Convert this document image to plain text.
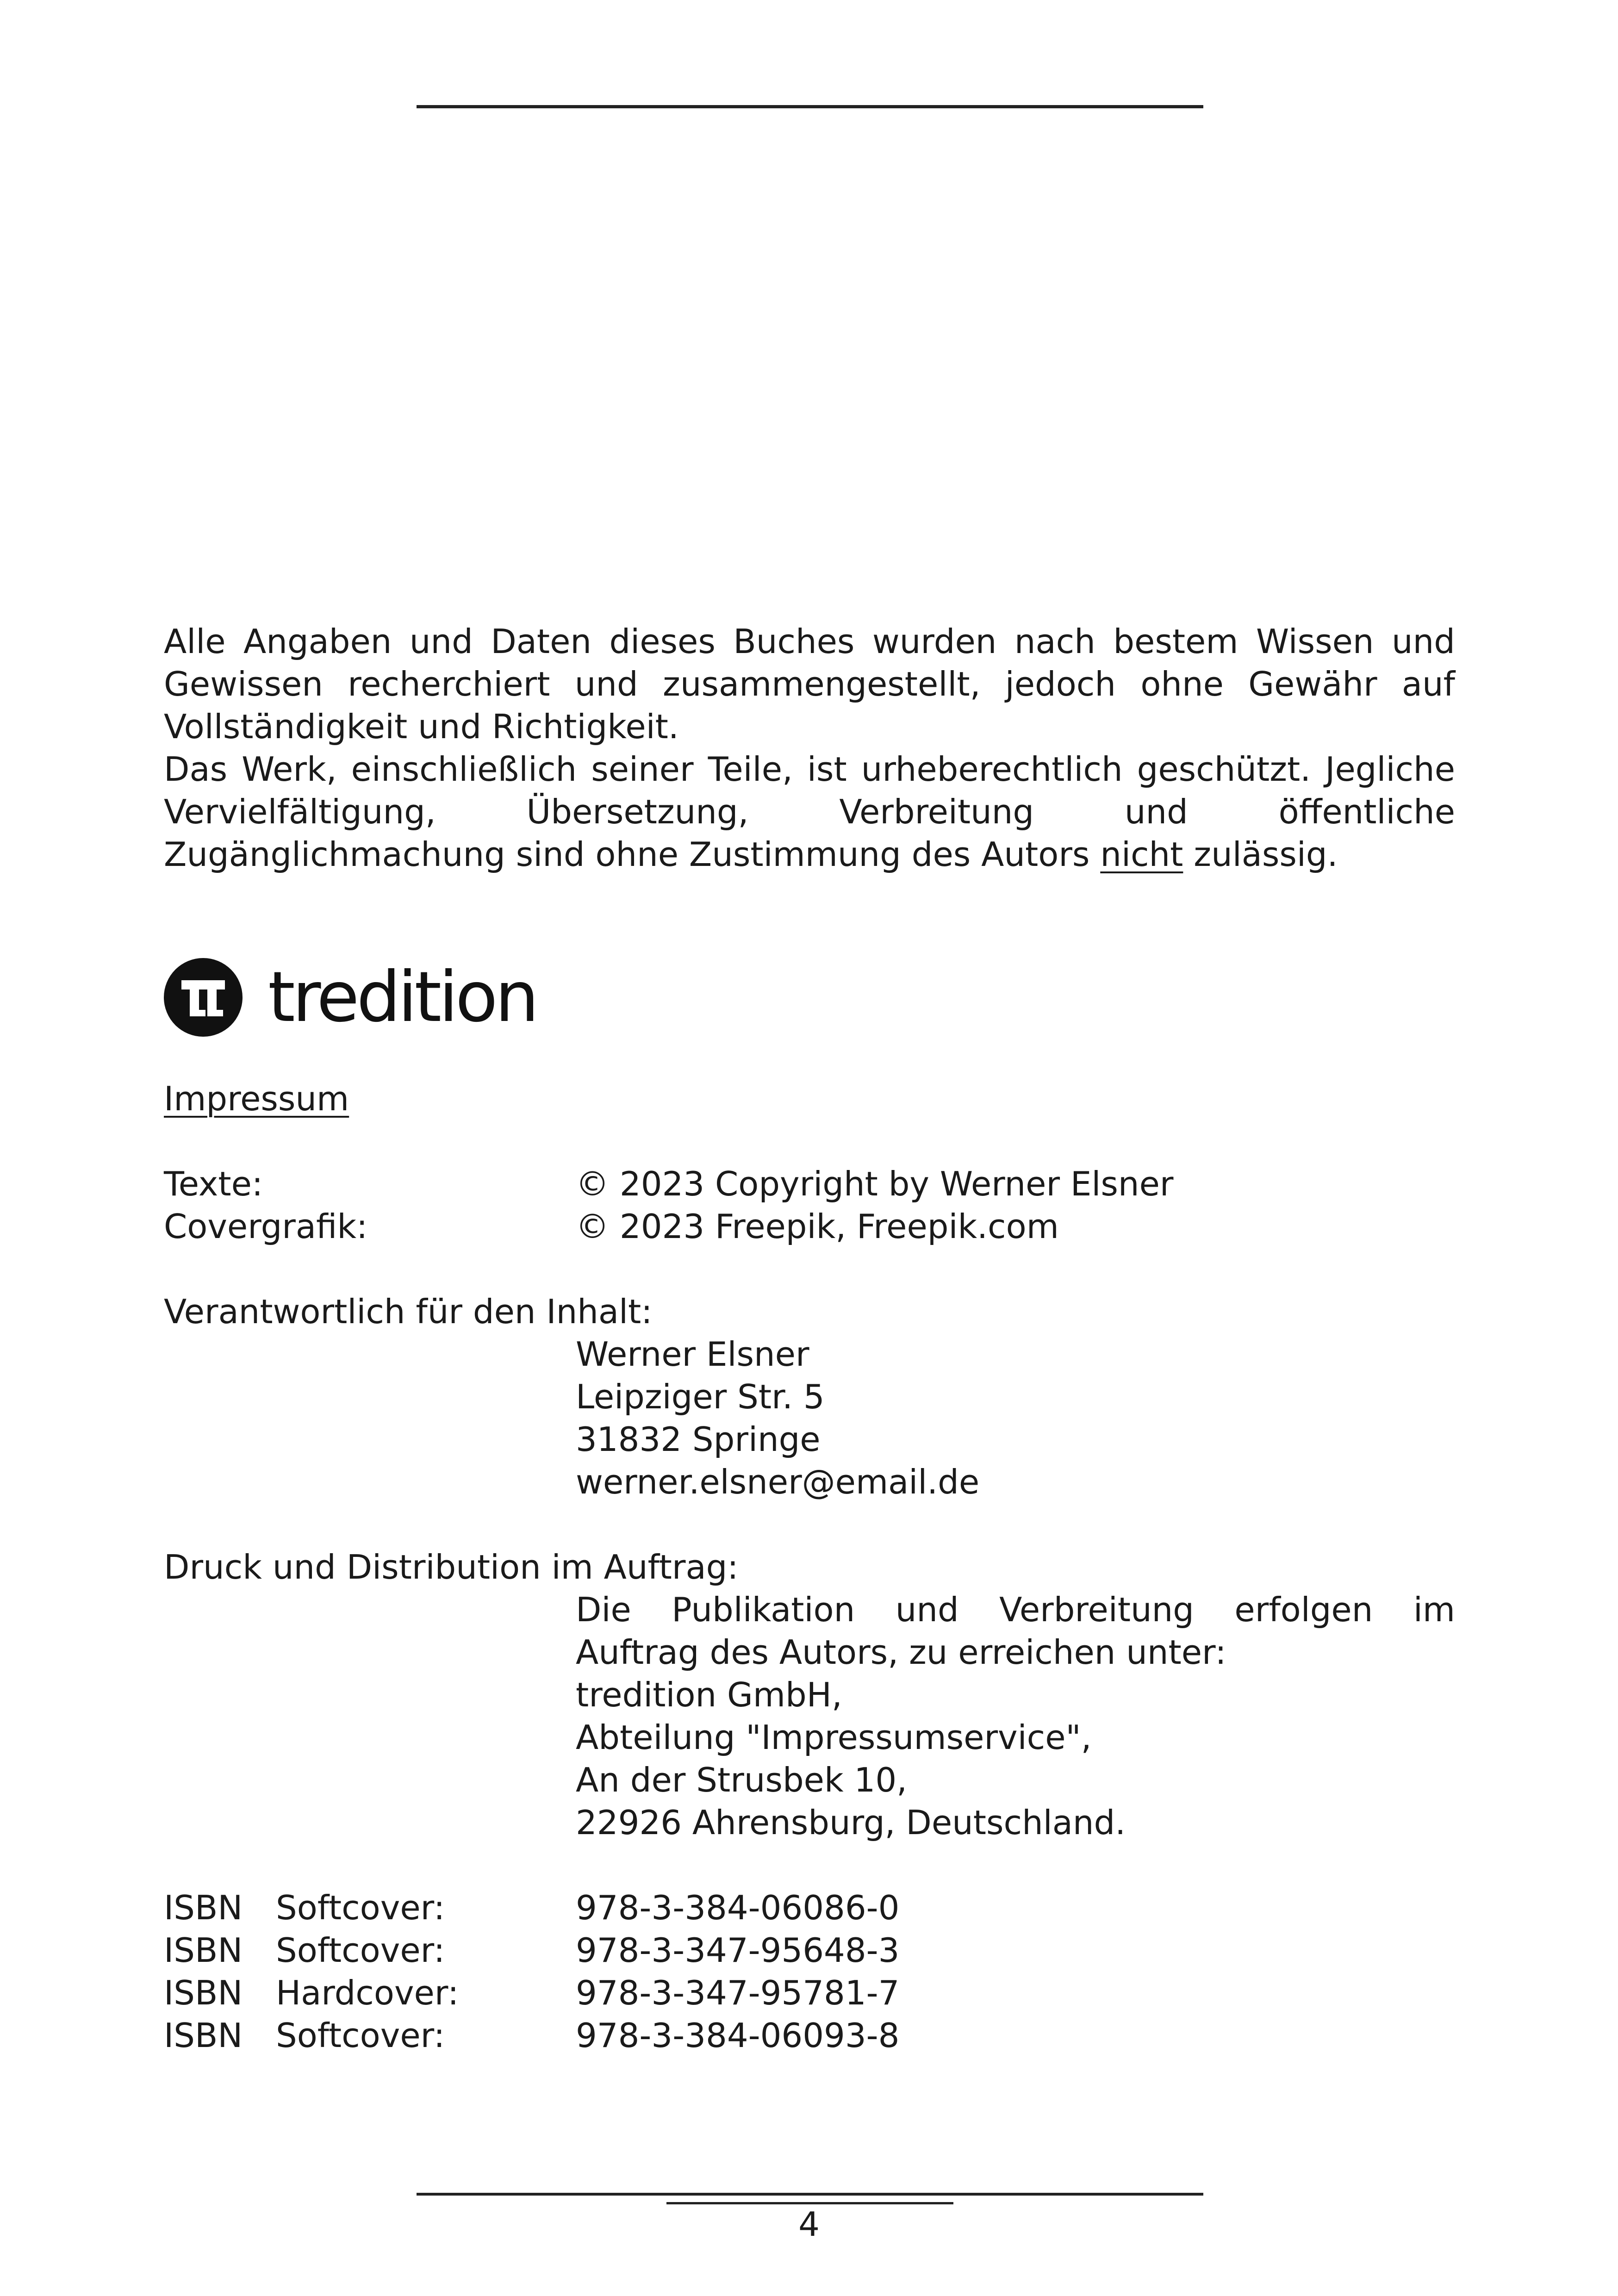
Alle Angaben und Daten dieses Buches wurden nach bestem Wissen und Gewissen recherchiert und zusammengestellt, jedoch ohne Gewähr auf Vollständigkeit und Richtigkeit.

Das Werk, einschließlich seiner Teile, ist urheberechtlich geschützt. Jegliche Vervielfältigung, Übersetzung, Verbreitung und öffentliche Zugänglichmachung sind ohne Zustimmung des Autors nicht zulässig.

tredition
Impressum
Texte:	© 2023 Copyright by Werner Elsner
Covergrafik:	© 2023 Freepik, Freepik.com
Verantwortlich für den Inhalt:
Werner Elsner
Leipziger Str. 5
31832 Springe
werner.elsner@email.de
Druck und Distribution im Auftrag:
Die Publikation und Verbreitung erfolgen im
Auftrag des Autors, zu erreichen unter:
tredition GmbH,
Abteilung "Impressumservice",
An der Strusbek 10,
22926 Ahrensburg, Deutschland.
ISBN Softcover:	978-3-384-06086-0
ISBN Softcover:	978-3-347-95648-3
ISBN Hardcover:	978-3-347-95781-7
ISBN Softcover:	978-3-384-06093-8
4
